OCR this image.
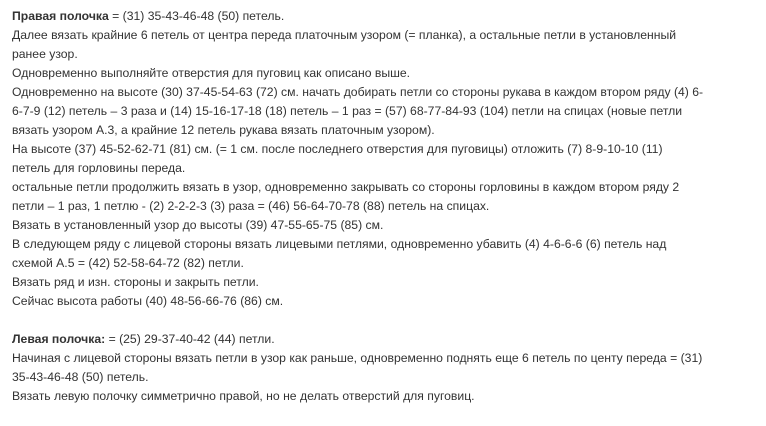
Правая полочка = (31) 35-43-46-48 (50) петель.
Далее вязать крайние 6 петель от центра переда платочным узором (= планка), а остальные петли в установленный
ранее узор.
Одновременно выполняйте отверстия для пуговиц как описано выше.
Одновременно на высоте (30) 37-45-54-63 (72) см. начать добирать петли со стороны рукава в каждом втором ряду (4) 6-
6-7-9 (12) петель – 3 раза и (14) 15-16-17-18 (18) петель – 1 раз = (57) 68-77-84-93 (104) петли на спицах (новые петли
вязать узором A.3, а крайние 12 петель рукава вязать платочным узором).
На высоте (37) 45-52-62-71 (81) см. (= 1 см. после последнего отверстия для пуговицы) отложить (7) 8-9-10-10 (11)
петель для горловины переда.
остальные петли продолжить вязать в узор, одновременно закрывать со стороны горловины в каждом втором ряду 2
петли – 1 раз, 1 петлю - (2) 2-2-2-3 (3) раза = (46) 56-64-70-78 (88) петель на спицах.
Вязать в установленный узор до высоты (39) 47-55-65-75 (85) см.
В следующем ряду с лицевой стороны вязать лицевыми петлями, одновременно убавить (4) 4-6-6-6 (6) петель над
схемой A.5 = (42) 52-58-64-72 (82) петли.
Вязать ряд и изн. стороны и закрыть петли.
Сейчас высота работы (40) 48-56-66-76 (86) см.
Левая полочка: = (25) 29-37-40-42 (44) петли.
Начиная с лицевой стороны вязать петли в узор как раньше, одновременно поднять еще 6 петель по центу переда = (31)
35-43-46-48 (50) петель.
Вязать левую полочку симметрично правой, но не делать отверстий для пуговиц.
